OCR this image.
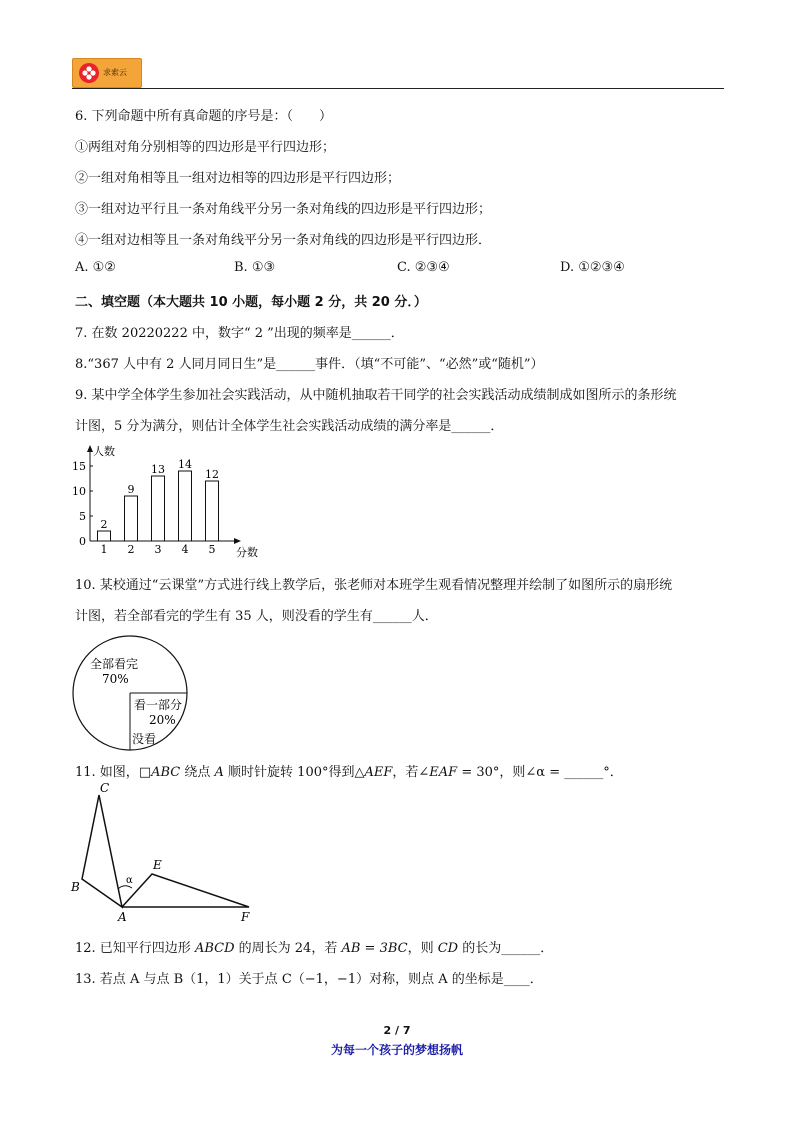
求索云
6. 下列命题中所有真命题的序号是：（　　）
①两组对角分别相等的四边形是平行四边形；
②一组对角相等且一组对边相等的四边形是平行四边形；
③一组对边平行且一条对角线平分另一条对角线的四边形是平行四边形；
④一组对边相等且一条对角线平分另一条对角线的四边形是平行四边形．
A. ①②	B. ①③	C. ②③④	D. ①②③④
二、填空题（本大题共 10 小题，每小题 2 分，共 20 分．）
7. 在数 20220222 中，数字“ 2 ”出现的频率是______．
8.“367 人中有 2 人同月同日生”是______事件．（填“不可能”、“必然”或“随机”）
9. 某中学全体学生参加社会实践活动，从中随机抽取若干同学的社会实践活动成绩制成如图所示的条形统
计图，5 分为满分，则估计全体学生社会实践活动成绩的满分率是______．
人数
分数
0
5
10
15
2
1
9
2
13
3
14
4
12
5
10. 某校通过“云课堂”方式进行线上教学后，张老师对本班学生观看情况整理并绘制了如图所示的扇形统
计图，若全部看完的学生有 35 人，则没看的学生有______人．
全部看完
70%
看一部分
20%
没看
11. 如图，□ABC 绕点 A 顺时针旋转 100°得到△AEF，若∠EAF = 30°，则∠α = ______°．
C
B
A
E
F
α
12. 已知平行四边形 ABCD 的周长为 24，若 AB = 3BC，则 CD 的长为______．
13. 若点 A 与点 B（1，1）关于点 C（−1，−1）对称，则点 A 的坐标是____．
2 / 7
为每一个孩子的梦想扬帆
